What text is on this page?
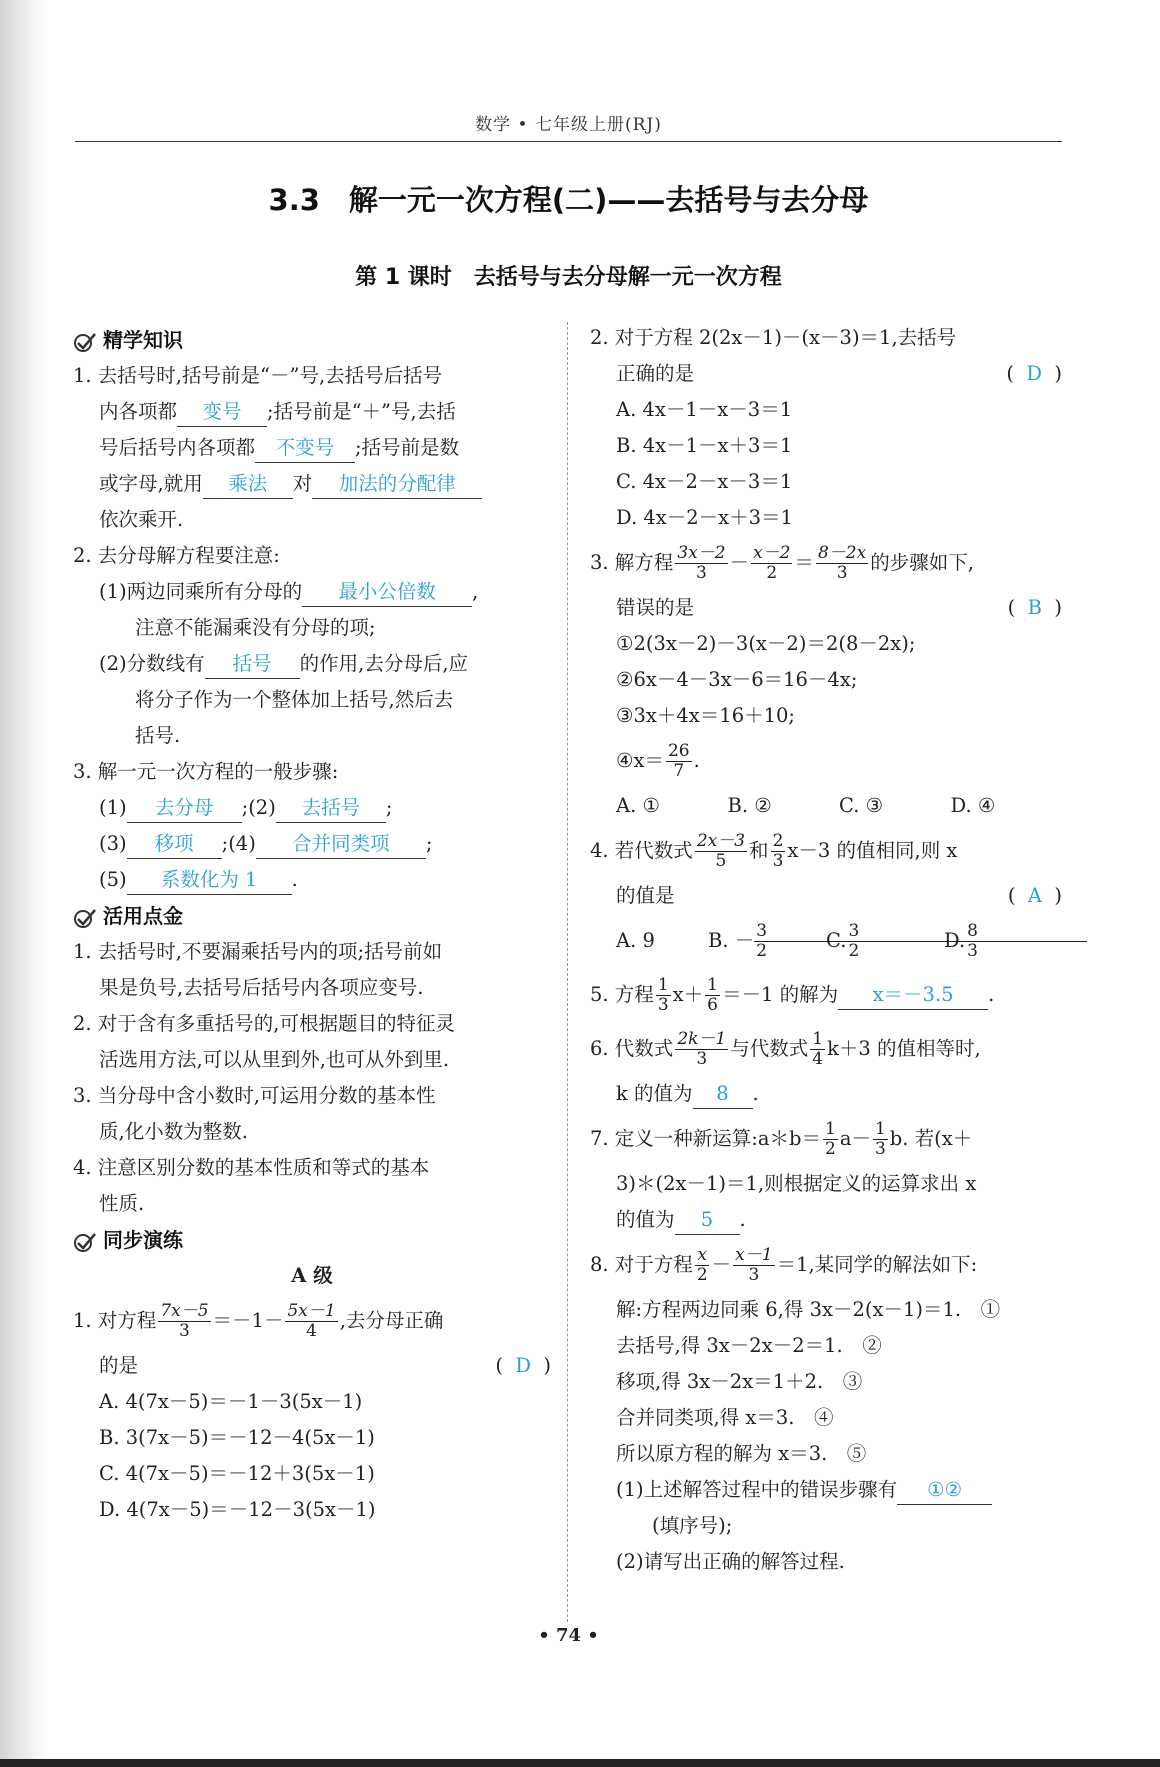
数学 • 七年级上册(RJ)
3.3　解一元一次方程(二)——去括号与去分母
第 1 课时　去括号与去分母解一元一次方程
精学知识
1. 去括号时,括号前是“－”号,去括号后括号
内各项都 变号 ;括号前是“＋”号,去括
号后括号内各项都 不变号 ;括号前是数
或字母,就用 乘法 对 加法的分配律
依次乘开.
2. 去分母解方程要注意:
(1)两边同乘所有分母的 最小公倍数 ,
注意不能漏乘没有分母的项;
(2)分数线有 括号 的作用,去分母后,应
将分子作为一个整体加上括号,然后去
括号.
3. 解一元一次方程的一般步骤:
(1) 去分母 ;(2) 去括号 ;
(3) 移项 ;(4) 合并同类项 ;
(5) 系数化为 1 .
活用点金
1. 去括号时,不要漏乘括号内的项;括号前如
果是负号,去括号后括号内各项应变号.
2. 对于含有多重括号的,可根据题目的特征灵
活选用方法,可以从里到外,也可从外到里.
3. 当分母中含小数时,可运用分数的基本性
质,化小数为整数.
4. 注意区别分数的基本性质和等式的基本
性质.
同步演练
A 级
1. 对方程 $\frac{7x-5}{3} =-1- \frac{5x-1}{4}$ ,去分母正确
的是	(  D  )
A. 4(7x－5)＝－1－3(5x－1)
B. 3(7x－5)＝－12－4(5x－1)
C. 4(7x－5)＝－12＋3(5x－1)
D. 4(7x－5)＝－12－3(5x－1)
2. 对于方程 2(2x－1)－(x－3)＝1,去括号
正确的是	(  D  )
A. 4x－1－x－3＝1
B. 4x－1－x＋3＝1
C. 4x－2－x－3＝1
D. 4x－2－x＋3＝1
3. 解方程 $\frac{3x-2}{3} - \frac{x-2}{2} = \frac{8-2x}{3}$ 的步骤如下,
错误的是	(  B  )
①2(3x－2)－3(x－2)＝2(8－2x);
②6x－4－3x－6＝16－4x;
③3x＋4x＝16＋10;
④x＝ $\frac{26}{7}$ .
A. ①	B. ②	C. ③	D. ④
4. 若代数式 $\frac{2x-3}{5}$ 和 $\frac{2}{3} x-3$ 的值相同,则 x
的值是	(  A  )
A. 9	B. － $\frac{3}{2}$
C. $\frac{3}{2}$
D. $\frac{8}{3}$
5. 方程 $\frac{1}{3} x+ \frac{1}{6} =-1$ 的解为 x＝－3.5 .
6. 代数式 $\frac{2k-1}{3}$ 与代数式 $\frac{1}{4} k+3$ 的值相等时,
k 的值为 8 .
7. 定义一种新运算:a＊b＝ $\frac{1}{2} a- \frac{1}{3} b$. 若(x＋
3)＊(2x－1)＝1,则根据定义的运算求出 x
的值为 5 .
8. 对于方程 $\frac{x}{2} - \frac{x-1}{3} =1$,某同学的解法如下:
解:方程两边同乘 6,得 3x－2(x－1)＝1.　①
去括号,得 3x－2x－2＝1.　②
移项,得 3x－2x＝1＋2.　③
合并同类项,得 x＝3.　④
所以原方程的解为 x＝3.　⑤
(1)上述解答过程中的错误步骤有 ①②
(填序号);
(2)请写出正确的解答过程.
• 74 •
